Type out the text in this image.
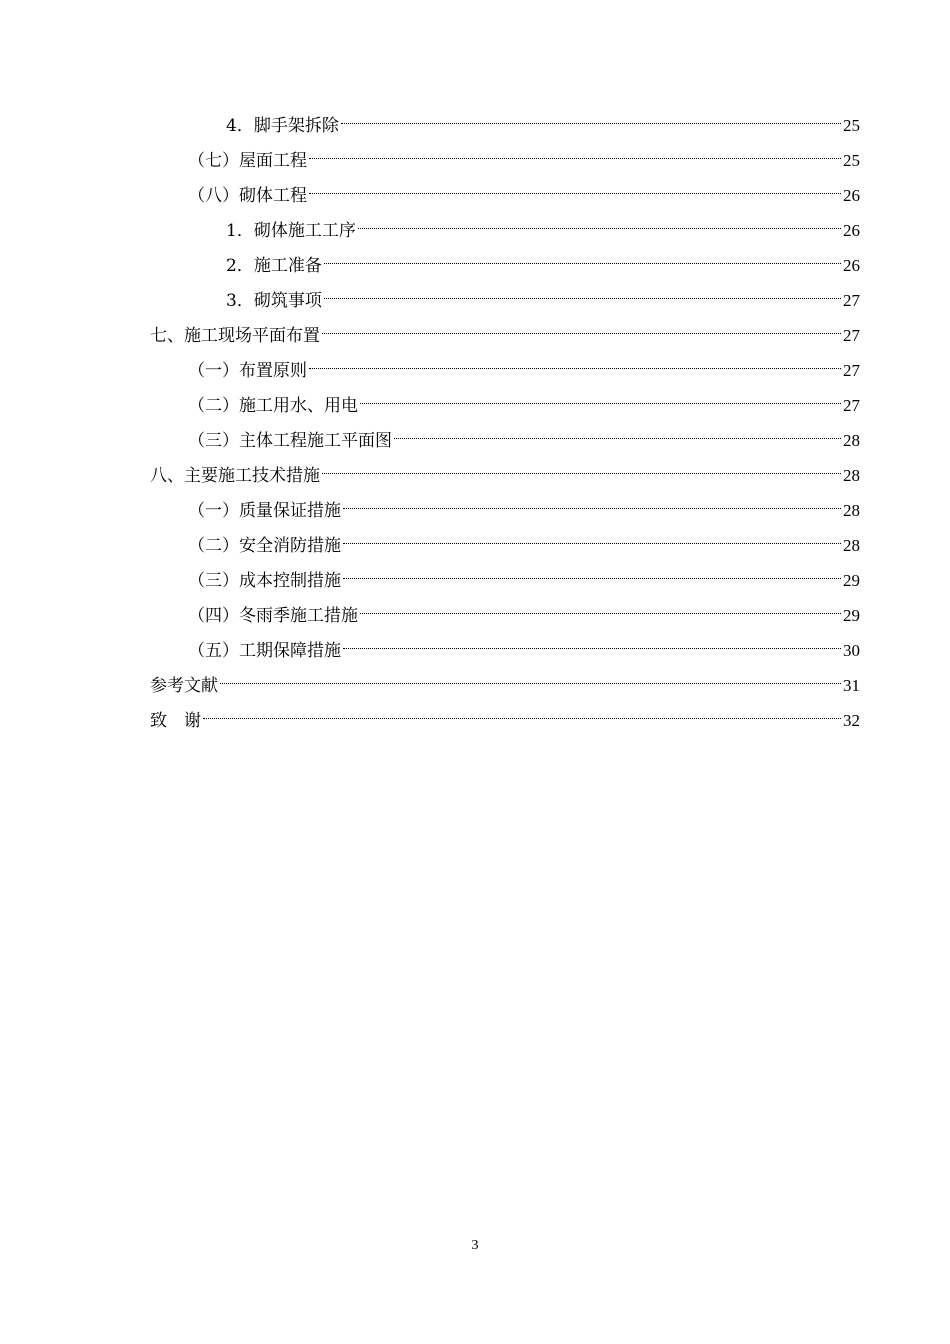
4． 脚手架拆除	25
（七） 屋面工程	25
（八） 砌体工程	26
1． 砌体施工工序	26
2． 施工准备	26
3． 砌筑事项	27
七、 施工现场平面布置	27
（一） 布置原则	27
（二） 施工用水、用电	27
（三） 主体工程施工平面图	28
八、 主要施工技术措施	28
（一） 质量保证措施	28
（二） 安全消防措施	28
（三） 成本控制措施	29
（四） 冬雨季施工措施	29
（五） 工期保障措施	30
参考文献	31
致　谢	32
3
